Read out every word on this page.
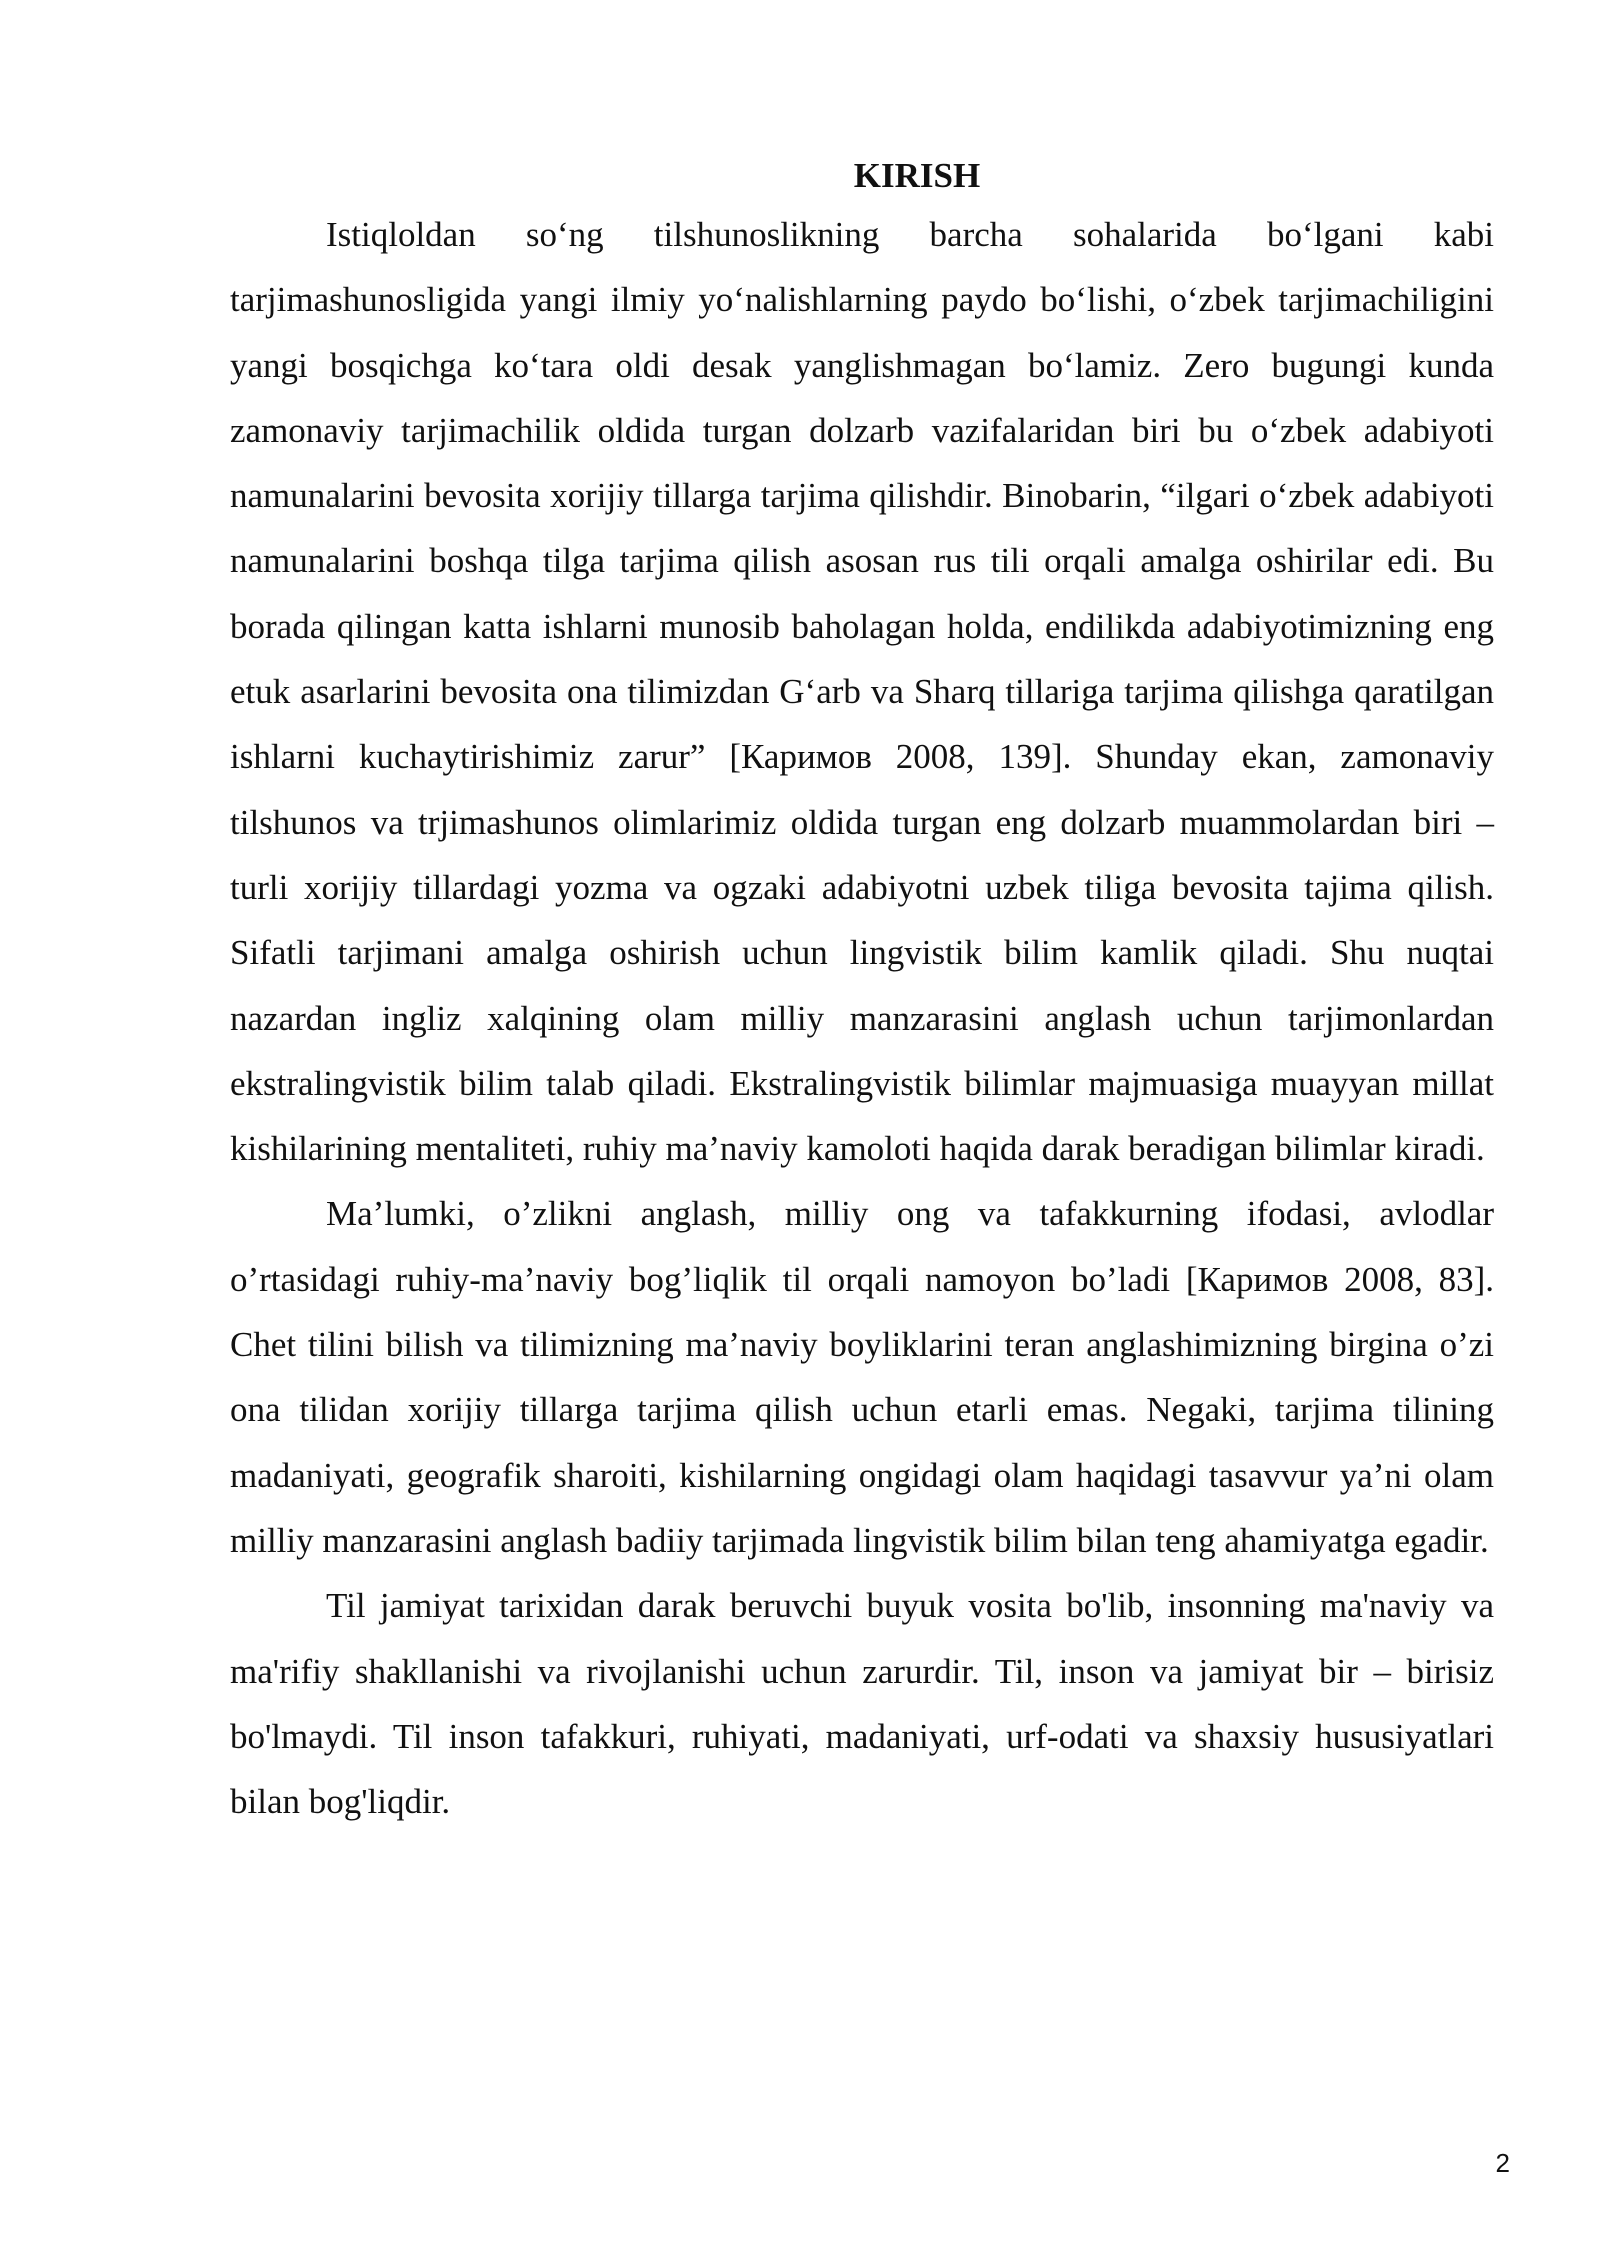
KIRISH

Istiqloldan so‘ng tilshunoslikning barcha sohalarida bo‘lgani kabi tarjimashunosligida yangi ilmiy yo‘nalishlarning paydo bo‘lishi, o‘zbek tarjimachiligini yangi bosqichga ko‘tara oldi desak yanglishmagan bo‘lamiz. Zero bugungi kunda zamonaviy tarjimachilik oldida turgan dolzarb vazifalaridan biri bu o‘zbek adabiyoti namunalarini bevosita xorijiy tillarga tarjima qilishdir. Binobarin, “ilgari o‘zbek adabiyoti namunalarini boshqa tilga tarjima qilish asosan rus tili orqali amalga oshirilar edi. Bu borada qilingan katta ishlarni munosib baholagan holda, endilikda adabiyotimizning eng etuk asarlarini bevosita ona tilimizdan G‘arb va Sharq tillariga tarjima qilishga qaratilgan ishlarni kuchaytirishimiz zarur” [Каримов 2008, 139]. Shunday ekan, zamonaviy tilshunos va trjimashunos olimlarimiz oldida turgan eng dolzarb muammolardan biri – turli xorijiy tillardagi yozma va ogzaki adabiyotni uzbek tiliga bevosita tajima qilish. Sifatli tarjimani amalga oshirish uchun lingvistik bilim kamlik qiladi. Shu nuqtai nazardan ingliz xalqining olam milliy manzarasini anglash uchun tarjimonlardan ekstralingvistik bilim talab qiladi. Ekstralingvistik bilimlar majmuasiga muayyan millat kishilarining mentaliteti, ruhiy ma’naviy kamoloti haqida darak beradigan bilimlar kiradi.

Ma’lumki, o’zlikni anglash, milliy ong va tafakkurning ifodasi, avlodlar o’rtasidagi ruhiy-ma’naviy bog’liqlik til orqali namoyon bo’ladi [Каримов 2008, 83]. Chet tilini bilish va tilimizning ma’naviy boyliklarini teran anglashimizning birgina o’zi ona tilidan xorijiy tillarga tarjima qilish uchun etarli emas. Negaki, tarjima tilining madaniyati, geografik sharoiti, kishilarning ongidagi olam haqidagi tasavvur ya’ni olam milliy manzarasini anglash badiiy tarjimada lingvistik bilim bilan teng ahamiyatga egadir.

Til jamiyat tarixidan darak beruvchi buyuk vosita bo'lib, insonning ma'naviy va ma'rifiy shakllanishi va rivojlanishi uchun zarurdir. Til, inson va jamiyat bir – birisiz bo'lmaydi. Til inson tafakkuri, ruhiyati, madaniyati, urf-odati va shaxsiy hususiyatlari bilan bog'liqdir.

2
